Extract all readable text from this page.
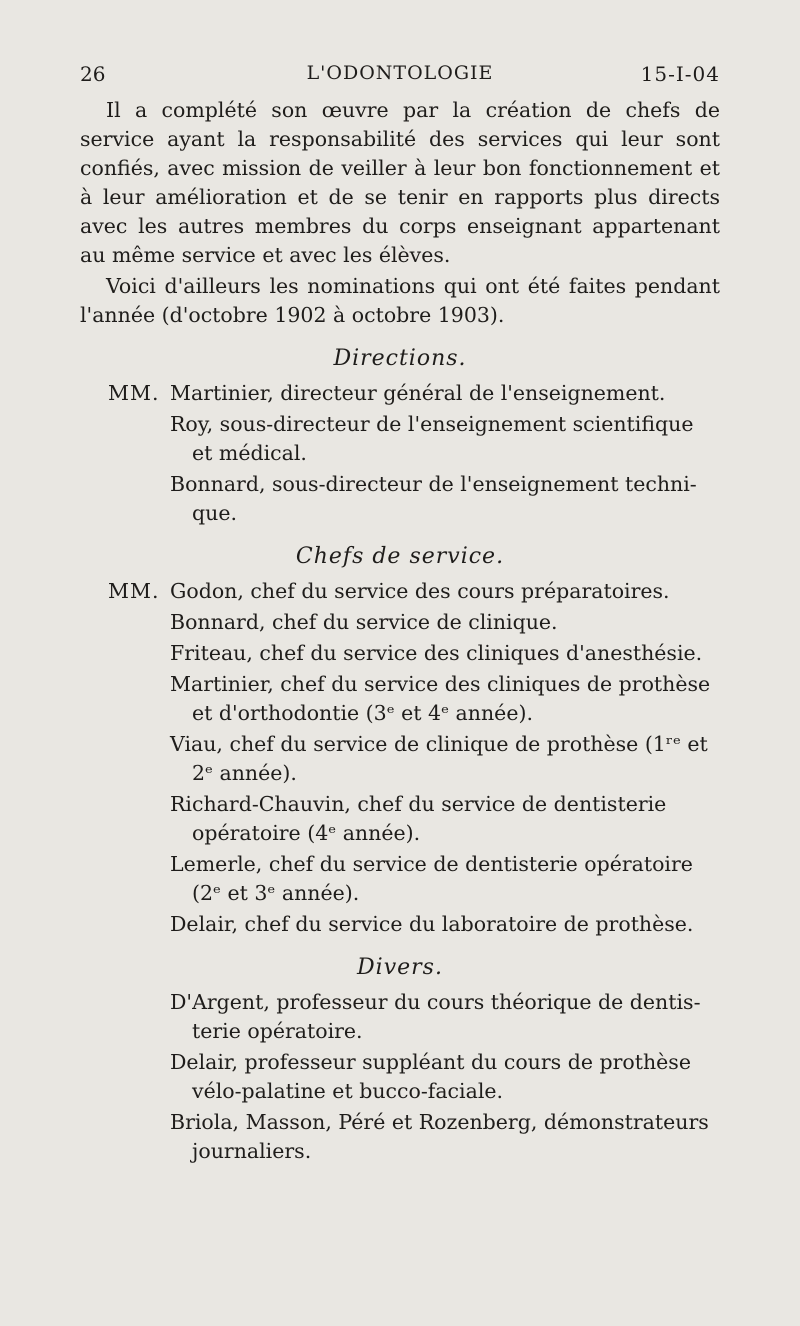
26	L'ODONTOLOGIE	15-I-04

Il a complété son œuvre par la création de chefs de service ayant la responsabilité des services qui leur sont confiés, avec mission de veiller à leur bon fonctionnement et à leur amélioration et de se tenir en rapports plus directs avec les autres membres du corps enseignant appartenant au même service et avec les élèves.

Voici d'ailleurs les nominations qui ont été faites pendant l'année (d'octobre 1902 à octobre 1903).

Directions.
MM. Martinier, directeur général de l'enseignement.
Roy, sous-directeur de l'enseignement scientifique
et médical.
Bonnard, sous-directeur de l'enseignement techni-
que.
Chefs de service.
MM. Godon, chef du service des cours préparatoires.
Bonnard, chef du service de clinique.
Friteau, chef du service des cliniques d'anesthésie.
Martinier, chef du service des cliniques de prothèse
et d'orthodontie (3ᵉ et 4ᵉ année).
Viau, chef du service de clinique de prothèse (1ʳᵉ et
2ᵉ année).
Richard-Chauvin, chef du service de dentisterie
opératoire (4ᵉ année).
Lemerle, chef du service de dentisterie opératoire
(2ᵉ et 3ᵉ année).
Delair, chef du service du laboratoire de prothèse.
Divers.
D'Argent, professeur du cours théorique de dentis-
terie opératoire.
Delair, professeur suppléant du cours de prothèse
vélo-palatine et bucco-faciale.
Briola, Masson, Péré et Rozenberg, démonstrateurs
journaliers.
